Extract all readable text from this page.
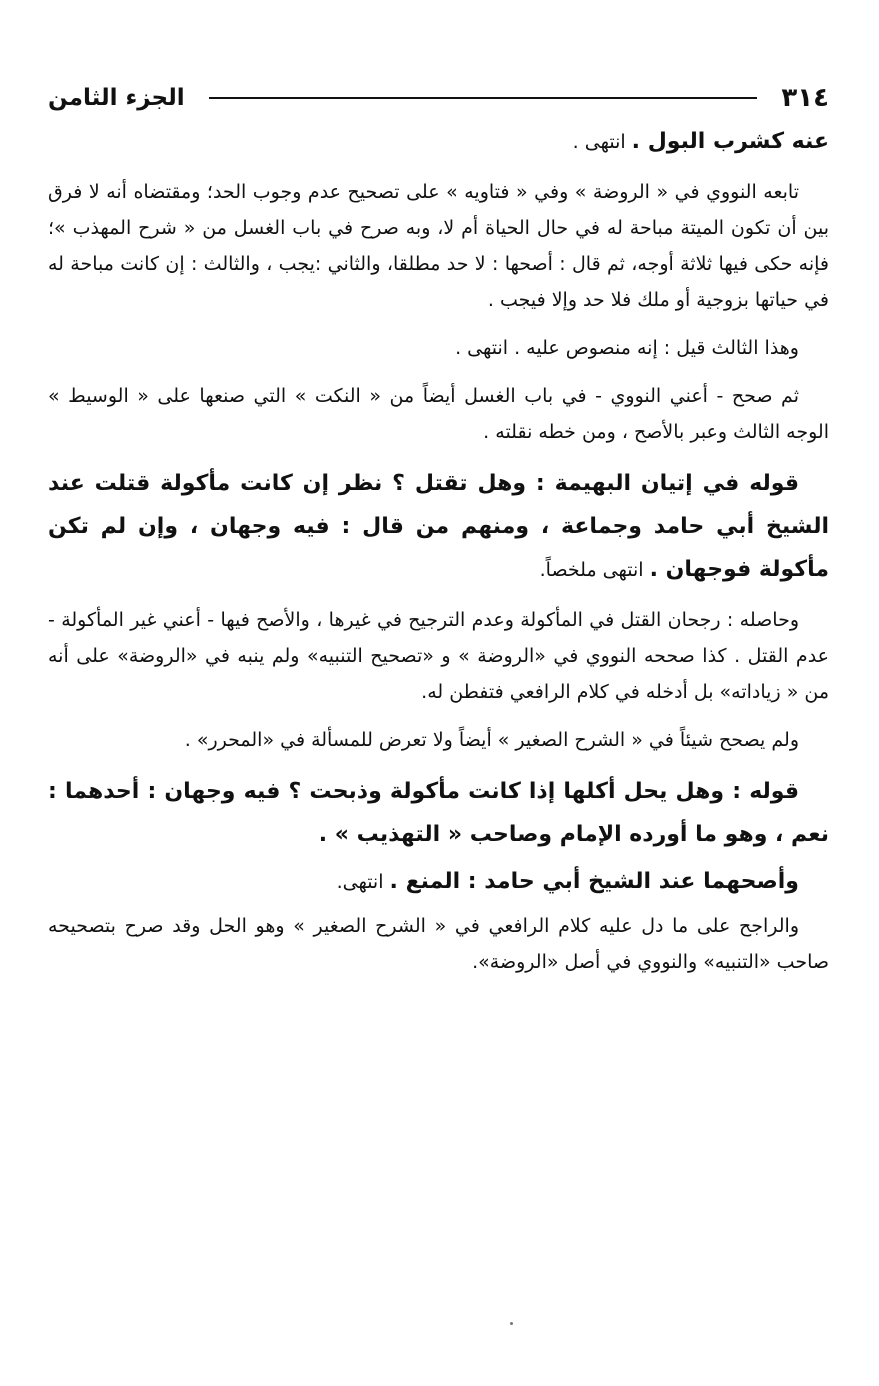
٣١٤
الجزء الثامن

عنه كشرب البول . انتهى .

تابعه النووي في « الروضة » وفي « فتاويه » على تصحيح عدم وجوب الحد؛ ومقتضاه أنه لا فرق بين أن تكون الميتة مباحة له في حال الحياة أم لا، وبه صرح في باب الغسل من « شرح المهذب »؛ فإنه حكى فيها ثلاثة أوجه، ثم قال : أصحها : لا حد مطلقا، والثاني :يجب ، والثالث : إن كانت مباحة له في حياتها بزوجية أو ملك فلا حد وإلا فيجب .

وهذا الثالث قيل : إنه منصوص عليه . انتهى .

ثم صحح - أعني النووي - في باب الغسل أيضاً من « النكت » التي صنعها على « الوسيط » الوجه الثالث وعبر بالأصح ، ومن خطه نقلته .

قوله في إتيان البهيمة : وهل تقتل ؟ نظر إن كانت مأكولة قتلت عند الشيخ أبي حامد وجماعة ، ومنهم من قال : فيه وجهان ، وإن لم تكن مأكولة فوجهان . انتهى ملخصاً.

وحاصله : رجحان القتل في المأكولة وعدم الترجيح في غيرها ، والأصح فيها - أعني غير المأكولة - عدم القتل . كذا صححه النووي في «الروضة » و «تصحيح التنبيه» ولم ينبه في «الروضة» على أنه من « زياداته» بل أدخله في كلام الرافعي فتفطن له.

ولم يصحح شيئاً في « الشرح الصغير » أيضاً ولا تعرض للمسألة في «المحرر» .

قوله : وهل يحل أكلها إذا كانت مأكولة وذبحت ؟ فيه وجهان : أحدهما : نعم ، وهو ما أورده الإمام وصاحب « التهذيب » .

وأصحهما عند الشيخ أبي حامد : المنع . انتهى.

والراجح على ما دل عليه كلام الرافعي في « الشرح الصغير » وهو الحل وقد صرح بتصحيحه صاحب «التنبيه» والنووي في أصل «الروضة».
